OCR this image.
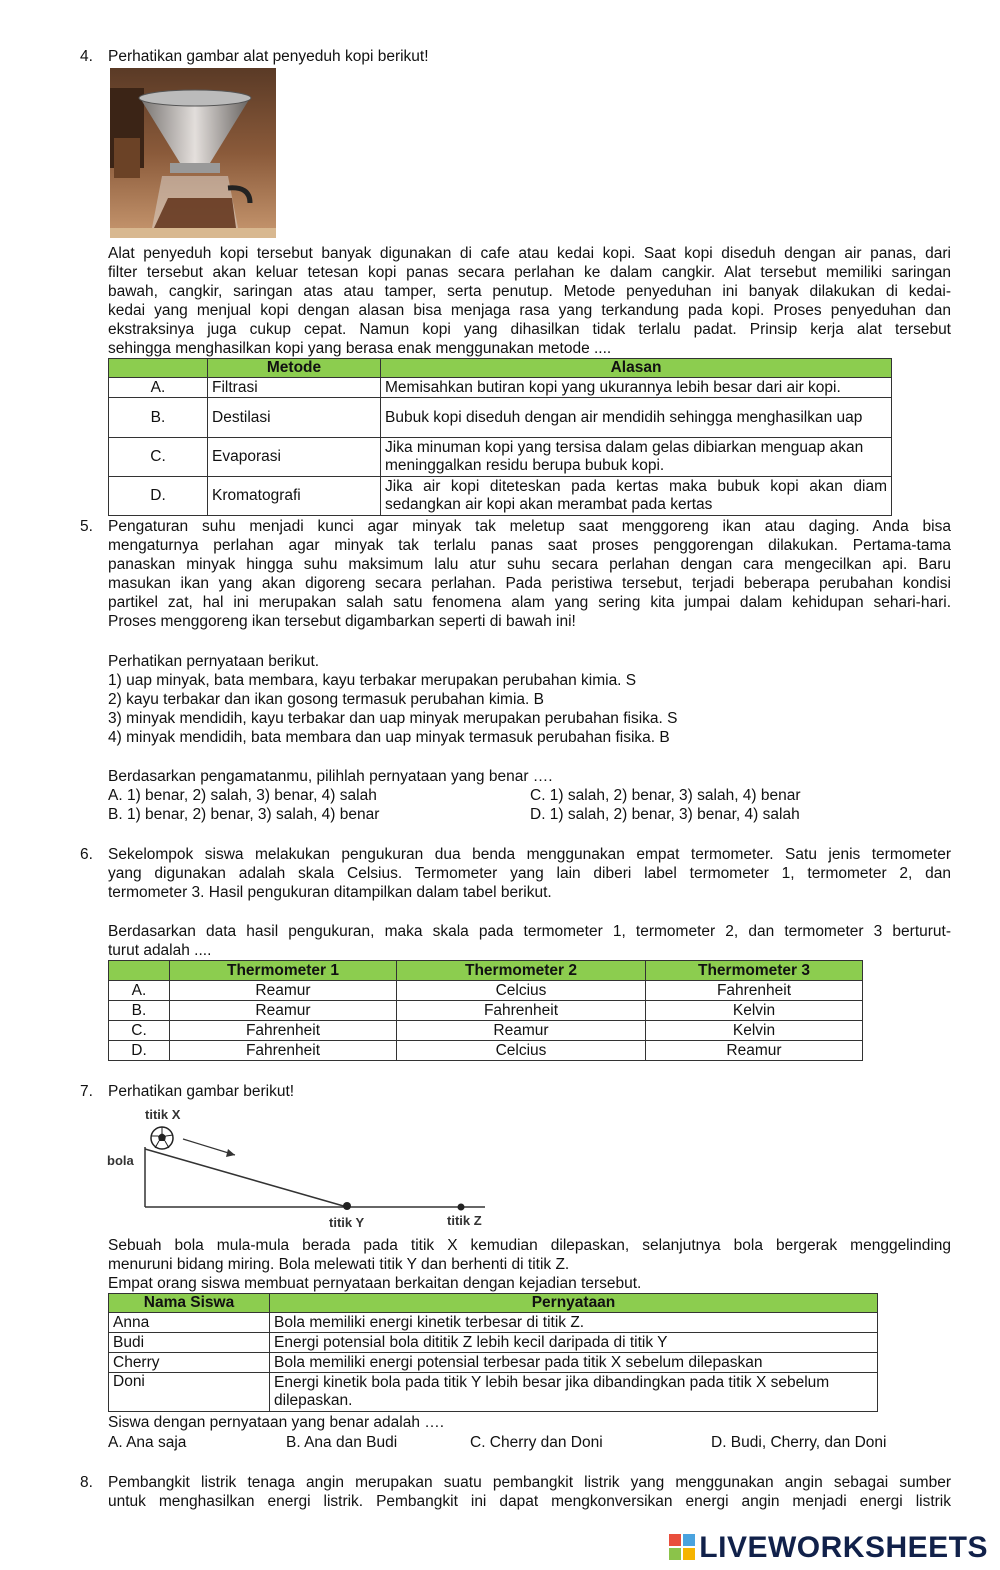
4. Perhatikan gambar alat penyeduh kopi berikut!
Alat penyeduh kopi tersebut banyak digunakan di cafe atau kedai kopi. Saat kopi diseduh dengan air panas, dari
filter tersebut akan keluar tetesan kopi panas secara perlahan ke dalam cangkir. Alat tersebut memiliki saringan
bawah, cangkir, saringan atas atau tamper, serta penutup. Metode penyeduhan ini banyak dilakukan di kedai-
kedai yang menjual kopi dengan alasan bisa menjaga rasa yang terkandung pada kopi. Proses penyeduhan dan
ekstraksinya juga cukup cepat. Namun kopi yang dihasilkan tidak terlalu padat. Prinsip kerja alat tersebut
sehingga menghasilkan kopi yang berasa enak menggunakan metode ....
	Metode	Alasan
A.	Filtrasi	Memisahkan butiran kopi yang ukurannya lebih besar dari air kopi.
B.	Destilasi	Bubuk kopi diseduh dengan air mendidih sehingga menghasilkan uap
C.	Evaporasi	Jika minuman kopi yang tersisa dalam gelas dibiarkan menguap akan meninggalkan residu berupa bubuk kopi.
D.	Kromatografi	Jika air kopi diteteskan pada kertas maka bubuk kopi akan diam sedangkan air kopi akan merambat pada kertas
5. Pengaturan suhu menjadi kunci agar minyak tak meletup saat menggoreng ikan atau daging. Anda bisa
mengaturnya perlahan agar minyak tak terlalu panas saat proses penggorengan dilakukan. Pertama-tama
panaskan minyak hingga suhu maksimum lalu atur suhu secara perlahan dengan cara mengecilkan api. Baru
masukan ikan yang akan digoreng secara perlahan. Pada peristiwa tersebut, terjadi beberapa perubahan kondisi
partikel zat, hal ini merupakan salah satu fenomena alam yang sering kita jumpai dalam kehidupan sehari-hari.
Proses menggoreng ikan tersebut digambarkan seperti di bawah ini!
Perhatikan pernyataan berikut.
1) uap minyak, bata membara, kayu terbakar merupakan perubahan kimia. S
2) kayu terbakar dan ikan gosong termasuk perubahan kimia. B
3) minyak mendidih, kayu terbakar dan uap minyak merupakan perubahan fisika. S
4) minyak mendidih, bata membara dan uap minyak termasuk perubahan fisika. B
Berdasarkan pengamatanmu, pilihlah pernyataan yang benar ….
A. 1) benar, 2) salah, 3) benar, 4) salah	C. 1) salah, 2) benar, 3) salah, 4) benar
B. 1) benar, 2) benar, 3) salah, 4) benar	D. 1) salah, 2) benar, 3) benar, 4) salah
6. Sekelompok siswa melakukan pengukuran dua benda menggunakan empat termometer. Satu jenis termometer
yang digunakan adalah skala Celsius. Termometer yang lain diberi label termometer 1, termometer 2, dan
termometer 3. Hasil pengukuran ditampilkan dalam tabel berikut.
Berdasarkan data hasil pengukuran, maka skala pada termometer 1, termometer 2, dan termometer 3 berturut-
turut adalah ....
	Thermometer 1	Thermometer 2	Thermometer 3
A.	Reamur	Celcius	Fahrenheit
B.	Reamur	Fahrenheit	Kelvin
C.	Fahrenheit	Reamur	Kelvin
D.	Fahrenheit	Celcius	Reamur
7. Perhatikan gambar berikut!
titik X
bola
titik Y	titik Z
Sebuah bola mula-mula berada pada titik X kemudian dilepaskan, selanjutnya bola bergerak menggelinding
menuruni bidang miring. Bola melewati titik Y dan berhenti di titik Z.
Empat orang siswa membuat pernyataan berkaitan dengan kejadian tersebut.
Nama Siswa	Pernyataan
Anna	Bola memiliki energi kinetik terbesar di titik Z.
Budi	Energi potensial bola dititik Z lebih kecil daripada di titik Y
Cherry	Bola memiliki energi potensial terbesar pada titik X sebelum dilepaskan
Doni	Energi kinetik bola pada titik Y lebih besar jika dibandingkan pada titik X sebelum dilepaskan.
Siswa dengan pernyataan yang benar adalah ….
A. Ana saja	B. Ana dan Budi	C. Cherry dan Doni	D. Budi, Cherry, dan Doni
8. Pembangkit listrik tenaga angin merupakan suatu pembangkit listrik yang menggunakan angin sebagai sumber
untuk menghasilkan energi listrik. Pembangkit ini dapat mengkonversikan energi angin menjadi energi listrik
LIVEWORKSHEETS
